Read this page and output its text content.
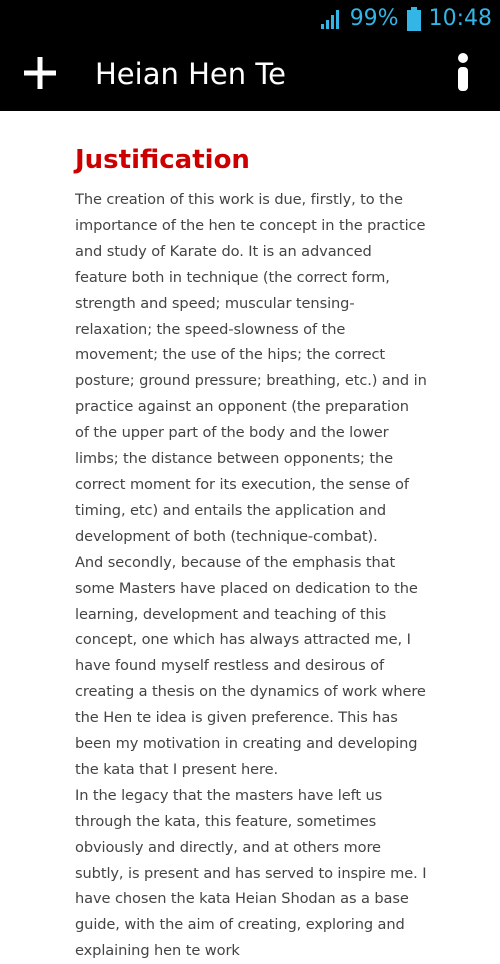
99% 10:48
Heian Hen Te
Justification

The creation of this work is due, firstly, to the importance of the hen te concept in the practice and study of Karate do. It is an advanced feature both in technique (the correct form, strength and speed; muscular tensing-relaxation; the speed-slowness of the movement; the use of the hips; the correct posture; ground pressure; breathing, etc.) and in practice against an opponent (the preparation of the upper part of the body and the lower limbs; the distance between opponents; the correct moment for its execution, the sense of timing, etc) and entails the application and development of both (technique-combat).

And secondly, because of the emphasis that some Masters have placed on dedication to the learning, development and teaching of this concept, one which has always attracted me, I have found myself restless and desirous of creating a thesis on the dynamics of work where the Hen te idea is given preference. This has been my motivation in creating and developing the kata that I present here.

In the legacy that the masters have left us through the kata, this feature, sometimes obviously and directly, and at others more subtly, is present and has served to inspire me. I have chosen the kata Heian Shodan as a base guide, with the aim of creating, exploring and explaining hen te work
